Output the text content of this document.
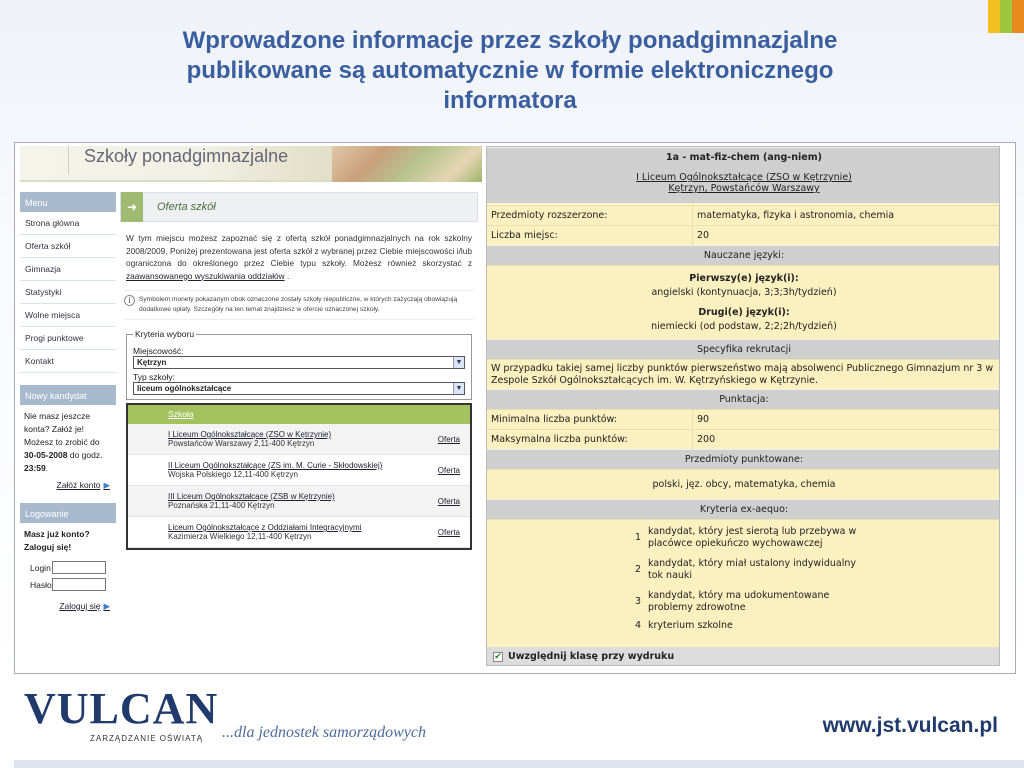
Wprowadzone informacje przez szkoły ponadgimnazjalne
publikowane są automatycznie w formie elektronicznego
informatora
Szkoły ponadgimnazjalne
Menu
Strona główna
Oferta szkół
Gimnazja
Statystyki
Wolne miejsca
Progi punktowe
Kontakt
Nowy kandydat
Nie masz jeszcze konta? Załóż je! Możesz to zrobić do 30-05-2008 do godz. 23:59.
Załóż konto ▶
Logowanie
Masz już konto?
Zaloguj się!
Login
Hasło
Zaloguj się ▶
➜	Oferta szkół
W tym miejscu możesz zapoznać się z ofertą szkół ponadgimnazjalnych na rok szkolny 2008/2009. Poniżej prezentowana jest oferta szkół z wybranej przez Ciebie miejscowości i/lub ograniczona do określonego przez Ciebie typu szkoły. Możesz również skorzystać z zaawansowanego wyszukiwania oddziałów .
i	Symbolem monety pokazanym obok oznaczone zostały szkoły niepubliczne, w których zażyczają obowiązują dodatkowe opłaty. Szczegóły na ten temat znajdziesz w ofercie oznaczonej szkoły.
Kryteria wyboru
Miejscowość:
Kętrzyn	▼
Typ szkoły:
liceum ogólnokształcące	▼
Szkoła
I Liceum Ogólnokształcące (ZSO w Kętrzynie)
Powstańców Warszawy 2,11-400 Kętrzyn	Oferta
II Liceum Ogólnokształcące (ZS im. M. Curie - Skłodowskiej)
Wojska Polskiego 12,11-400 Kętrzyn	Oferta
III Liceum Ogólnokształcące (ZSB w Kętrzynie)
Poznańska 21,11-400 Kętrzyn	Oferta
Liceum Ogólnokształcące z Oddziałami Integracyjnymi
Kazimierza Wielkiego 12,11-400 Kętrzyn	Oferta
1a - mat-fiz-chem (ang-niem)
I Liceum Ogólnokształcące (ZSO w Kętrzynie)
Kętrzyn, Powstańców Warszawy
Przedmioty rozszerzone:	matematyka, fizyka i astronomia, chemia
Liczba miejsc:	20
Nauczane języki:
Pierwszy(e) język(i):
angielski (kontynuacja, 3;3;3h/tydzień)
Drugi(e) język(i):
niemiecki (od podstaw, 2;2;2h/tydzień)
Specyfika rekrutacji
W przypadku takiej samej liczby punktów pierwszeństwo mają absolwenci Publicznego Gimnazjum nr 3 w Zespole Szkół Ogólnokształcących im. W. Kętrzyńskiego w Kętrzynie.
Punktacja:
Minimalna liczba punktów:	90
Maksymalna liczba punktów:	200
Przedmioty punktowane:
polski, jęz. obcy, matematyka, chemia
Kryteria ex-aequo:
1
kandydat, który jest sierotą lub przebywa w placówce opiekuńczo wychowawczej
2
kandydat, który miał ustalony indywidualny tok nauki
3
kandydat, który ma udokumentowane problemy zdrowotne
4 kryterium szkolne
✔ Uwzględnij klasę przy wydruku
VULCAN
ZARZĄDZANIE OŚWIATĄ	...dla jednostek samorządowych	www.jst.vulcan.pl
